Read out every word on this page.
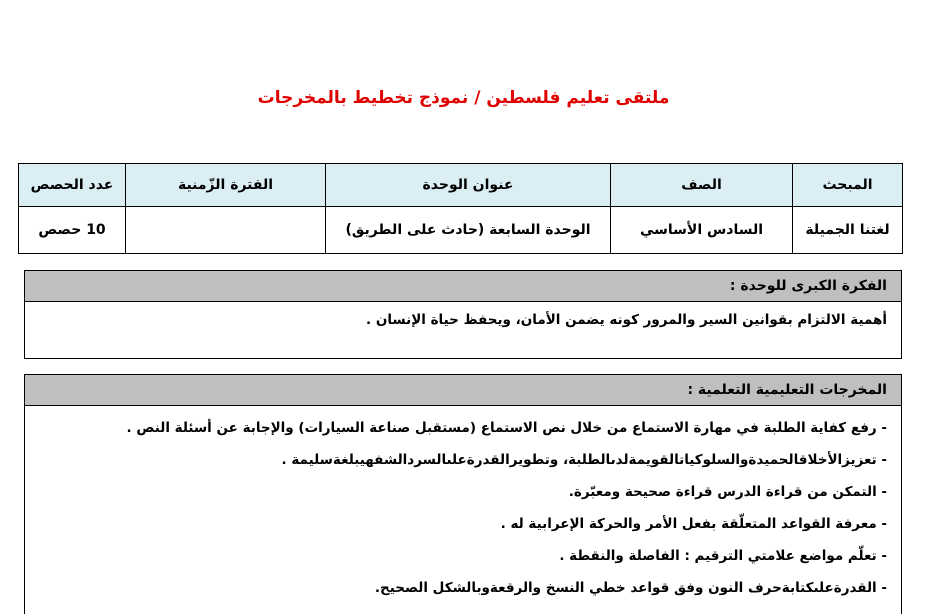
ملتقى تعليم فلسطين / نموذج تخطيط بالمخرجات
المبحث	الصف	عنوان الوحدة	الفترة الزّمنية	عدد الحصص
لغتنا الجميلة	السادس الأساسي	الوحدة السابعة (حادث على الطريق)		10 حصص
الفكرة الكبرى للوحدة :
أهمية الالتزام بقوانين السير والمرور كونه يضمن الأمان، ويحفظ حياة الإنسان .
المخرجات التعليمية التعلمية :
- رفع كفاية الطلبة في مهارة الاستماع من خلال نص الاستماع (مستقبل صناعة السيارات) والإجابة عن أسئلة النص .
- تعزيزالأخلاقالحميدةوالسلوكياتالقويمةلدىالطلبة، وتطويرالقدرةعلىالسردالشفهيبلغةسليمة .
- التمكن من قراءة الدرس قراءة صحيحة ومعبّرة.
- معرفة القواعد المتعلّقة بفعل الأمر والحركة الإعرابية له .
- تعلّم مواضع علامتي الترقيم : الفاصلة والنقطة .
- القدرةعلىكتابةحرف النون وفق قواعد خطي النسخ والرقعةوبالشكل الصحيح.
